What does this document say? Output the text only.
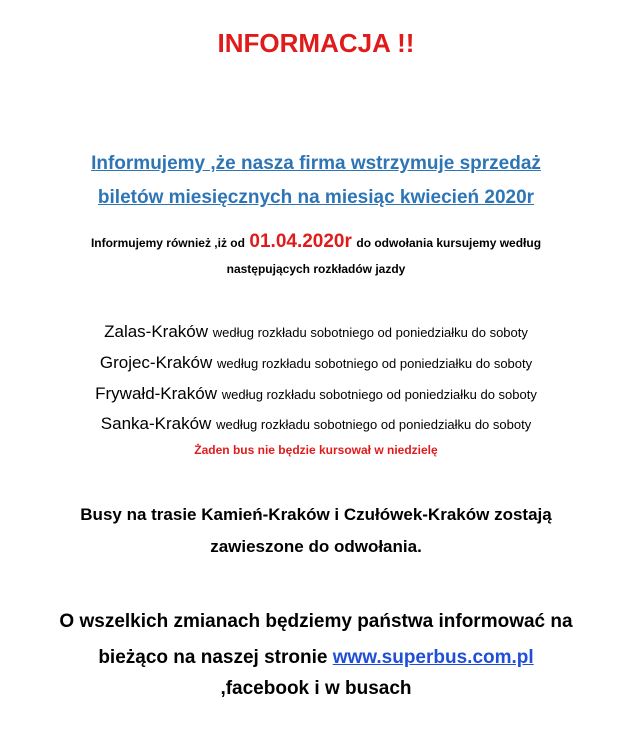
INFORMACJA !!
Informujemy ,że nasza firma wstrzymuje sprzedaż
biletów miesięcznych na miesiąc kwiecień 2020r
Informujemy również ,iż od 01.04.2020r do odwołania kursujemy według
następujących rozkładów jazdy
Zalas-Kraków według rozkładu sobotniego od poniedziałku do soboty
Grojec-Kraków według rozkładu sobotniego od poniedziałku do soboty
Frywałd-Kraków według rozkładu sobotniego od poniedziałku do soboty
Sanka-Kraków według rozkładu sobotniego od poniedziałku do soboty
Żaden bus nie będzie kursował w niedzielę
Busy na trasie Kamień-Kraków i Czułówek-Kraków zostają
zawieszone do odwołania.
O wszelkich zmianach będziemy państwa informować na
bieżąco na naszej stronie www.superbus.com.pl
,facebook i w busach
